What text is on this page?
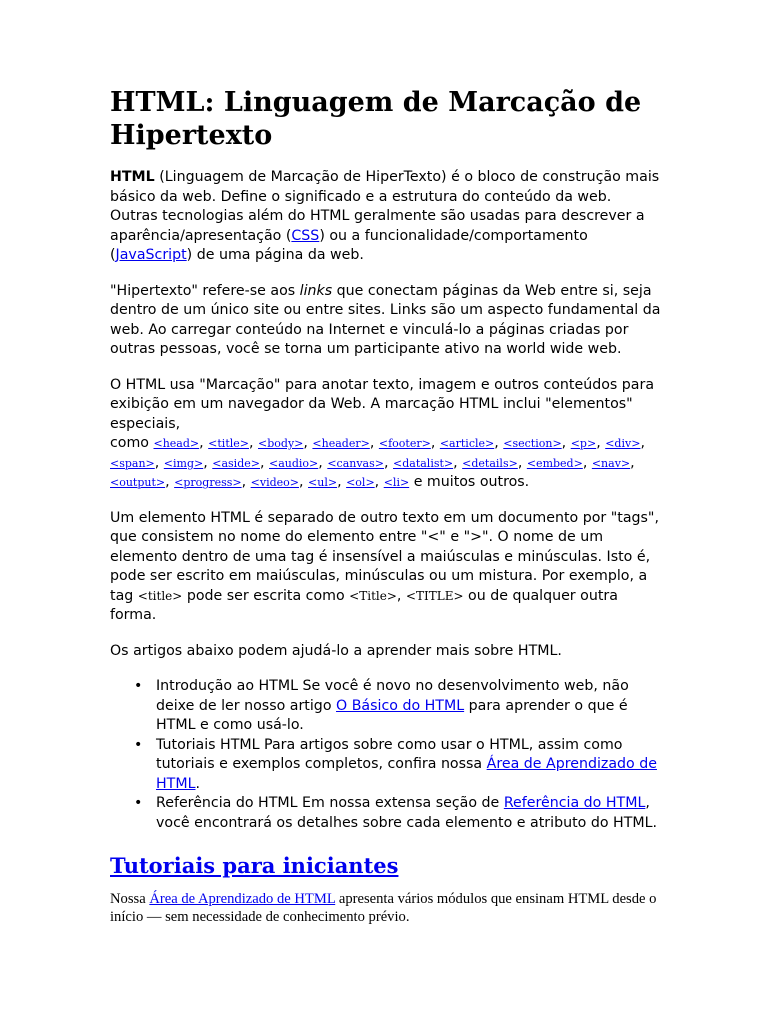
HTML: Linguagem de Marcação de Hipertexto

HTML (Linguagem de Marcação de HiperTexto) é o bloco de construção mais básico da web. Define o significado e a estrutura do conteúdo da web. Outras tecnologias além do HTML geralmente são usadas para descrever a aparência/apresentação (CSS) ou a funcionalidade/comportamento (JavaScript) de uma página da web.

"Hipertexto" refere-se aos links que conectam páginas da Web entre si, seja dentro de um único site ou entre sites. Links são um aspecto fundamental da web. Ao carregar conteúdo na Internet e vinculá-lo a páginas criadas por outras pessoas, você se torna um participante ativo na world wide web.

O HTML usa "Marcação" para anotar texto, imagem e outros conteúdos para exibição em um navegador da Web. A marcação HTML inclui "elementos" especiais,
como <head>, <title>, <body>, <header>, <footer>, <article>, <section>, <p>, <div>, <span>, <img>, <aside>, <audio>, <canvas>, <datalist>, <details>, <embed>, <nav>, <output>, <progress>, <video>, <ul>, <ol>, <li> e muitos outros.

Um elemento HTML é separado de outro texto em um documento por "tags", que consistem no nome do elemento entre "<" e ">". O nome de um elemento dentro de uma tag é insensível a maiúsculas e minúsculas. Isto é, pode ser escrito em maiúsculas, minúsculas ou um mistura. Por exemplo, a tag <title> pode ser escrita como <Title>, <TITLE> ou de qualquer outra forma.

Os artigos abaixo podem ajudá-lo a aprender mais sobre HTML.

• Introdução ao HTML Se você é novo no desenvolvimento web, não deixe de ler nosso artigo O Básico do HTML para aprender o que é HTML e como usá-lo.
• Tutoriais HTML Para artigos sobre como usar o HTML, assim como tutoriais e exemplos completos, confira nossa Área de Aprendizado de HTML.
• Referência do HTML Em nossa extensa seção de Referência do HTML, você encontrará os detalhes sobre cada elemento e atributo do HTML.
Tutoriais para iniciantes

Nossa Área de Aprendizado de HTML apresenta vários módulos que ensinam HTML desde o início — sem necessidade de conhecimento prévio.
